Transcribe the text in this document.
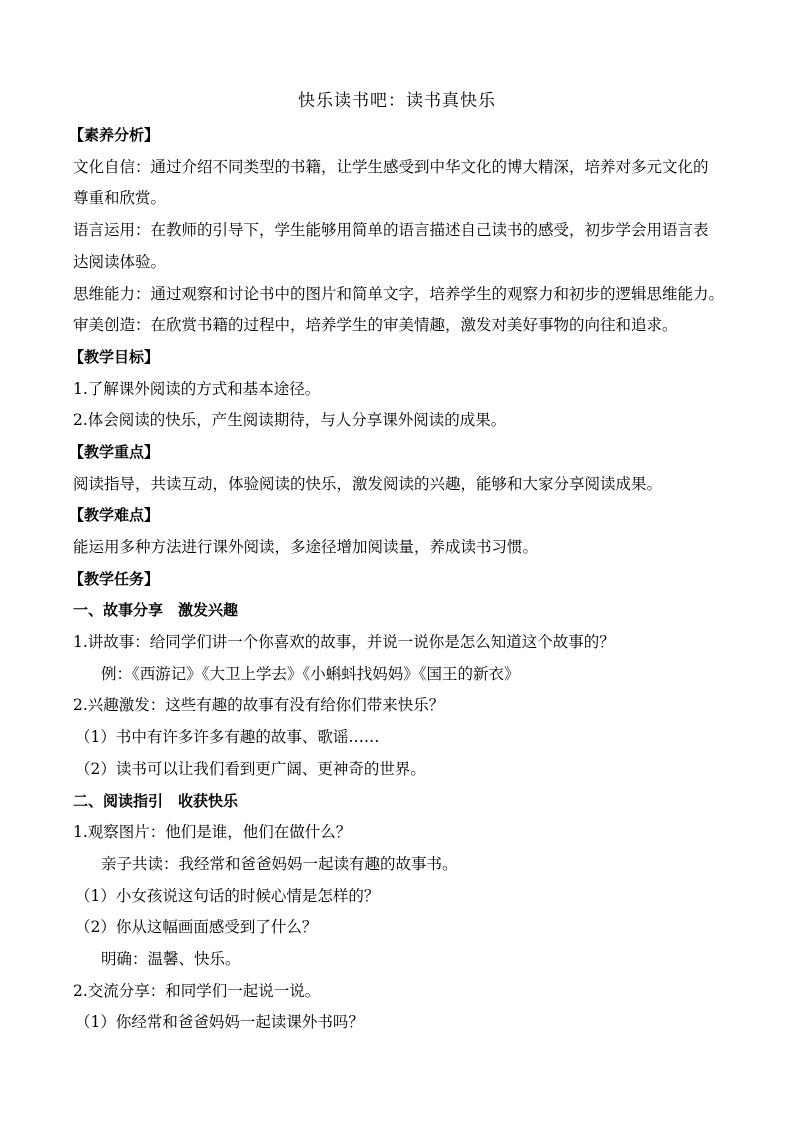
快乐读书吧：读书真快乐
【素养分析】
文化自信：通过介绍不同类型的书籍，让学生感受到中华文化的博大精深，培养对多元文化的尊重和欣赏。
语言运用：在教师的引导下，学生能够用简单的语言描述自己读书的感受，初步学会用语言表达阅读体验。
思维能力：通过观察和讨论书中的图片和简单文字，培养学生的观察力和初步的逻辑思维能力。
审美创造：在欣赏书籍的过程中，培养学生的审美情趣，激发对美好事物的向往和追求。
【教学目标】
1.了解课外阅读的方式和基本途径。
2.体会阅读的快乐，产生阅读期待，与人分享课外阅读的成果。
【教学重点】
阅读指导，共读互动，体验阅读的快乐，激发阅读的兴趣，能够和大家分享阅读成果。
【教学难点】
能运用多种方法进行课外阅读，多途径增加阅读量，养成读书习惯。
【教学任务】
一、故事分享　激发兴趣
1.讲故事：给同学们讲一个你喜欢的故事，并说一说你是怎么知道这个故事的？
例：《西游记》《大卫上学去》《小蝌蚪找妈妈》《国王的新衣》
2.兴趣激发：这些有趣的故事有没有给你们带来快乐？
（1）书中有许多许多有趣的故事、歌谣……
（2）读书可以让我们看到更广阔、更神奇的世界。
二、阅读指引　收获快乐
1.观察图片：他们是谁，他们在做什么？
亲子共读：我经常和爸爸妈妈一起读有趣的故事书。
（1）小女孩说这句话的时候心情是怎样的？
（2）你从这幅画面感受到了什么？
明确：温馨、快乐。
2.交流分享：和同学们一起说一说。
（1）你经常和爸爸妈妈一起读课外书吗？
